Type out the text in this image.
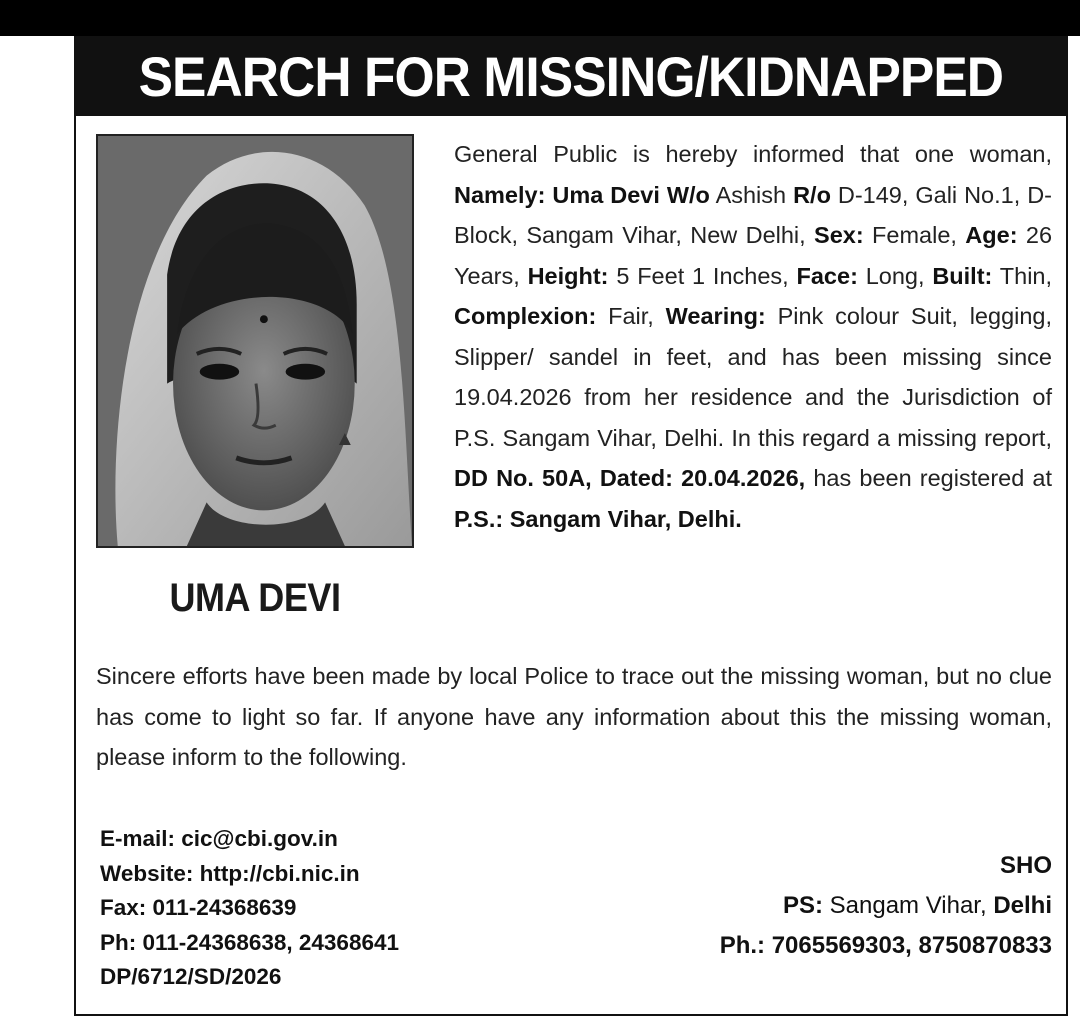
SEARCH FOR MISSING/KIDNAPPED
UMA DEVI
General Public is hereby informed that one woman, Namely: Uma Devi W/o Ashish R/o D-149, Gali No.1, D-Block, Sangam Vihar, New Delhi, Sex: Female, Age: 26 Years, Height: 5 Feet 1 Inches, Face: Long, Built: Thin, Complexion: Fair, Wearing: Pink colour Suit, legging, Slipper/ sandel in feet, and has been missing since 19.04.2026 from her residence and the Jurisdiction of P.S. Sangam Vihar, Delhi. In this regard a missing report, DD No. 50A, Dated: 20.04.2026, has been registered at P.S.: Sangam Vihar, Delhi.
Sincere efforts have been made by local Police to trace out the missing woman, but no clue has come to light so far. If anyone have any information about this the missing woman, please inform to the following.
E-mail: cic@cbi.gov.in
Website: http://cbi.nic.in
Fax: 011-24368639
Ph: 011-24368638, 24368641
DP/6712/SD/2026
SHO
PS: Sangam Vihar, Delhi
Ph.: 7065569303, 8750870833
